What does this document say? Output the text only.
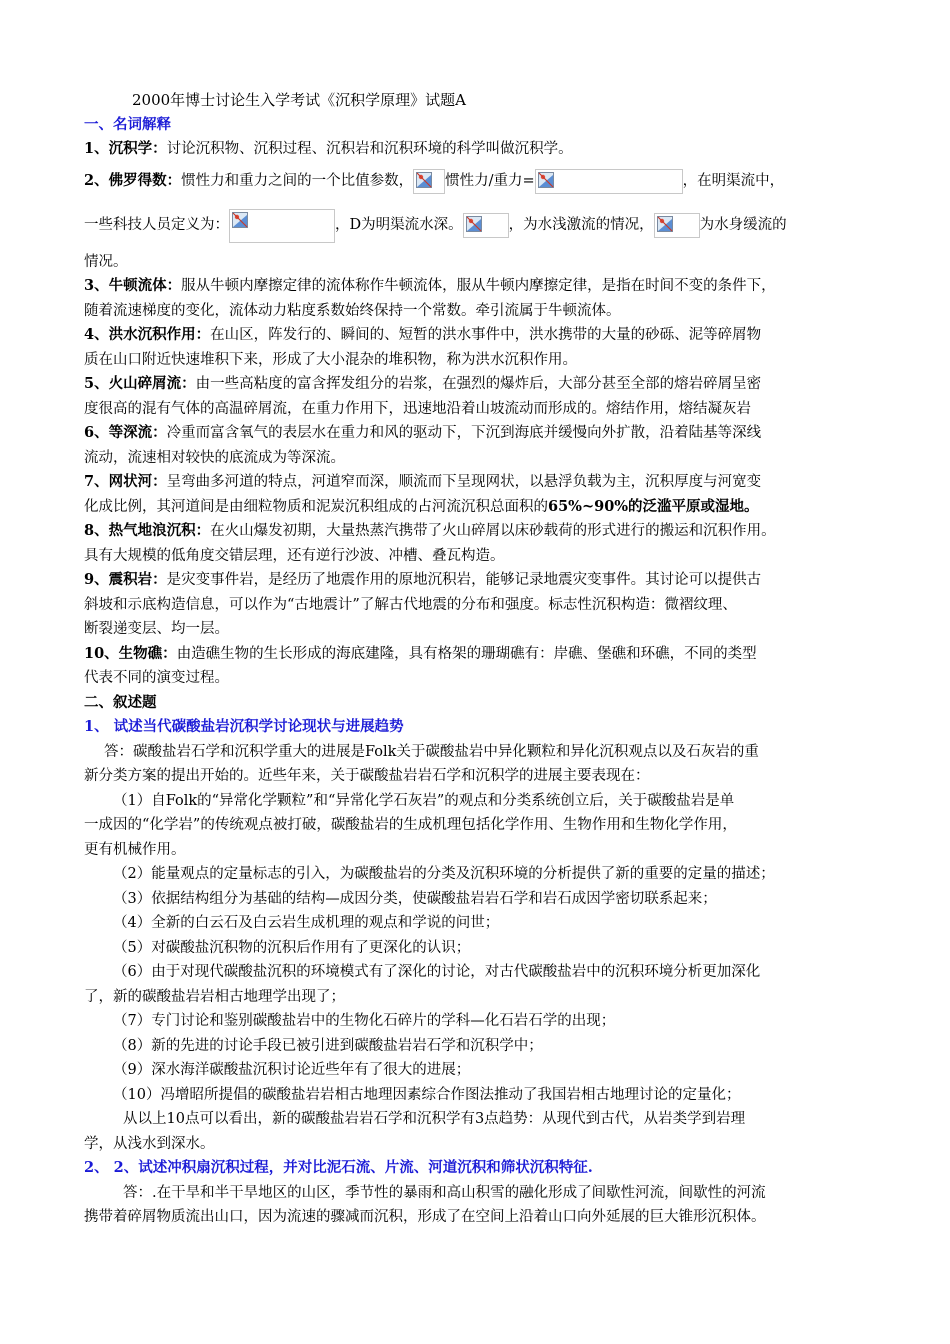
2000年博士讨论生入学考试《沉积学原理》试题A
一、名词解释
1、沉积学：讨论沉积物、沉积过程、沉积岩和沉积环境的科学叫做沉积学。
2、佛罗得数： 惯性力和重力之间的一个比值参数， 惯性力/重力=	，在明渠流中，
一些科技人员定义为：	，D为明渠流水深。	，为水浅激流的情况，	为水身缓流的
情况。
3、牛顿流体：服从牛顿内摩擦定律的流体称作牛顿流体，服从牛顿内摩擦定律，是指在时间不变的条件下，
随着流速梯度的变化，流体动力粘度系数始终保持一个常数。牵引流属于牛顿流体。
4、洪水沉积作用：在山区，阵发行的、瞬间的、短暂的洪水事件中，洪水携带的大量的砂砾、泥等碎屑物
质在山口附近快速堆积下来，形成了大小混杂的堆积物，称为洪水沉积作用。
5、火山碎屑流：由一些高粘度的富含挥发组分的岩浆，在强烈的爆炸后，大部分甚至全部的熔岩碎屑呈密
度很高的混有气体的高温碎屑流，在重力作用下，迅速地沿着山坡流动而形成的。熔结作用，熔结凝灰岩
6、等深流：冷重而富含氧气的表层水在重力和风的驱动下，下沉到海底并缓慢向外扩散，沿着陆基等深线
流动，流速相对较快的底流成为等深流。
7、网状河：呈弯曲多河道的特点，河道窄而深，顺流而下呈现网状，以悬浮负载为主，沉积厚度与河宽变
化成比例，其河道间是由细粒物质和泥炭沉积组成的占河流沉积总面积的65%~90%的泛滥平原或湿地。
8、热气地浪沉积：在火山爆发初期，大量热蒸汽携带了火山碎屑以床砂载荷的形式进行的搬运和沉积作用。
具有大规模的低角度交错层理，还有逆行沙波、冲槽、叠瓦构造。
9、震积岩：是灾变事件岩，是经历了地震作用的原地沉积岩，能够记录地震灾变事件。其讨论可以提供古
斜坡和示底构造信息，可以作为“古地震计”了解古代地震的分布和强度。标志性沉积构造：微褶纹理、
断裂递变层、均一层。
10、生物礁：由造礁生物的生长形成的海底建隆，具有格架的珊瑚礁有：岸礁、堡礁和环礁，不同的类型
代表不同的演变过程。
二、叙述题
1、 试述当代碳酸盐岩沉积学讨论现状与进展趋势
答：碳酸盐岩石学和沉积学重大的进展是Folk关于碳酸盐岩中异化颗粒和异化沉积观点以及石灰岩的重
新分类方案的提出开始的。近些年来，关于碳酸盐岩岩石学和沉积学的进展主要表现在：
（1）自Folk的“异常化学颗粒”和“异常化学石灰岩”的观点和分类系统创立后，关于碳酸盐岩是单
一成因的“化学岩”的传统观点被打破，碳酸盐岩的生成机理包括化学作用、生物作用和生物化学作用，
更有机械作用。
（2）能量观点的定量标志的引入，为碳酸盐岩的分类及沉积环境的分析提供了新的重要的定量的描述；
（3）依据结构组分为基础的结构—成因分类，使碳酸盐岩岩石学和岩石成因学密切联系起来；
（4）全新的白云石及白云岩生成机理的观点和学说的问世；
（5）对碳酸盐沉积物的沉积后作用有了更深化的认识；
（6）由于对现代碳酸盐沉积的环境模式有了深化的讨论，对古代碳酸盐岩中的沉积环境分析更加深化
了，新的碳酸盐岩岩相古地理学出现了；
（7）专门讨论和鉴别碳酸盐岩中的生物化石碎片的学科—化石岩石学的出现；
（8）新的先进的讨论手段已被引进到碳酸盐岩岩石学和沉积学中；
（9）深水海洋碳酸盐沉积讨论近些年有了很大的进展；
（10）冯增昭所提倡的碳酸盐岩岩相古地理因素综合作图法推动了我国岩相古地理讨论的定量化；
从以上10点可以看出，新的碳酸盐岩岩石学和沉积学有3点趋势：从现代到古代，从岩类学到岩理
学，从浅水到深水。
2、 2、试述冲积扇沉积过程，并对比泥石流、片流、河道沉积和筛状沉积特征.
答：.在干旱和半干旱地区的山区，季节性的暴雨和高山积雪的融化形成了间歇性河流，间歇性的河流
携带着碎屑物质流出山口，因为流速的骤减而沉积，形成了在空间上沿着山口向外延展的巨大锥形沉积体。
